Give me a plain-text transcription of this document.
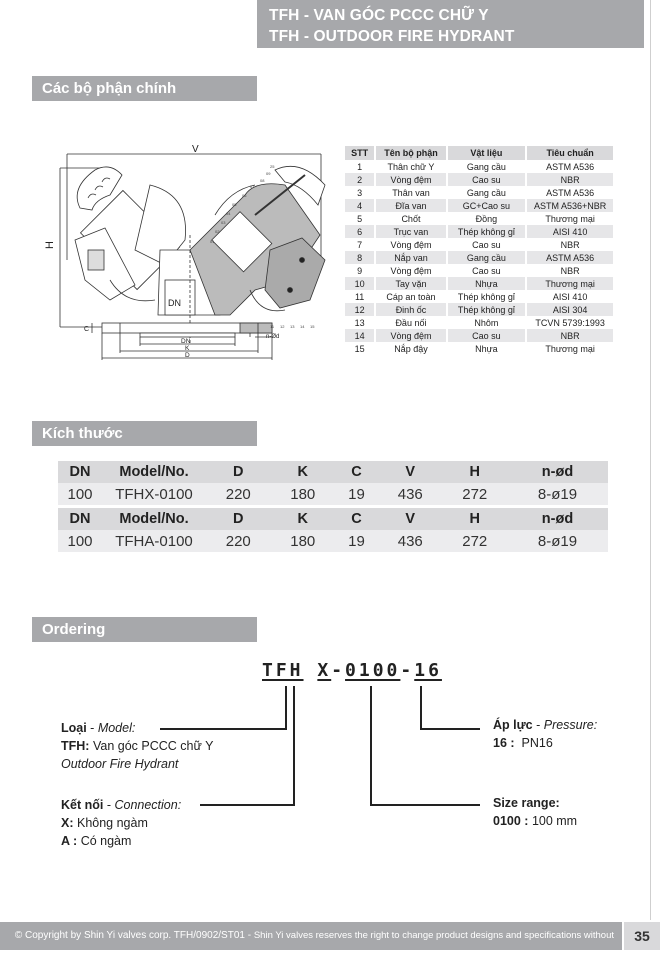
TFH - VAN GÓC PCCC CHỮ Y
TFH - OUTDOOR FIRE HYDRANT
Các bộ phận chính
DN
V
H
C
DN
K
D
n-Ød
01
02
03
04
05
06
07
08
09
25
11 12 13 14 15
STT	Tên bộ phận	Vật liệu	Tiêu chuẩn
1	Thân chữ Y	Gang cầu	ASTM A536
2	Vòng đệm	Cao su	NBR
3	Thân van	Gang cầu	ASTM A536
4	Đĩa van	GC+Cao su	ASTM A536+NBR
5	Chốt	Đồng	Thương mại
6	Trục van	Thép không gỉ	AISI 410
7	Vòng đệm	Cao su	NBR
8	Nắp van	Gang cầu	ASTM A536
9	Vòng đệm	Cao su	NBR
10	Tay vặn	Nhựa	Thương mại
11	Cáp an toàn	Thép không gỉ	AISI 410
12	Đinh ốc	Thép không gỉ	AISI 304
13	Đầu nối	Nhôm	TCVN 5739:1993
14	Vòng đệm	Cao su	NBR
15	Nắp đậy	Nhựa	Thương mại
Kích thước
DN	Model/No.	D	K	C	V	H	n-ød
100	TFHX-0100	220	180	19	436	272	8-ø19
DN	Model/No.	D	K	C	V	H	n-ød
100	TFHA-0100	220	180	19	436	272	8-ø19
Ordering
TFH X-0100-16
Loại - Model:
TFH: Van góc PCCC chữ Y
Outdoor Fire Hydrant
Kết nối - Connection:
X: Không ngàm
A : Có ngàm
Áp lực - Pressure:
16 : PN16
Size range:
0100 : 100 mm
© Copyright by Shin Yi valves corp. TFH/0902/ST01 - Shin Yi valves reserves the right to change product designs and specifications without notice.
35
